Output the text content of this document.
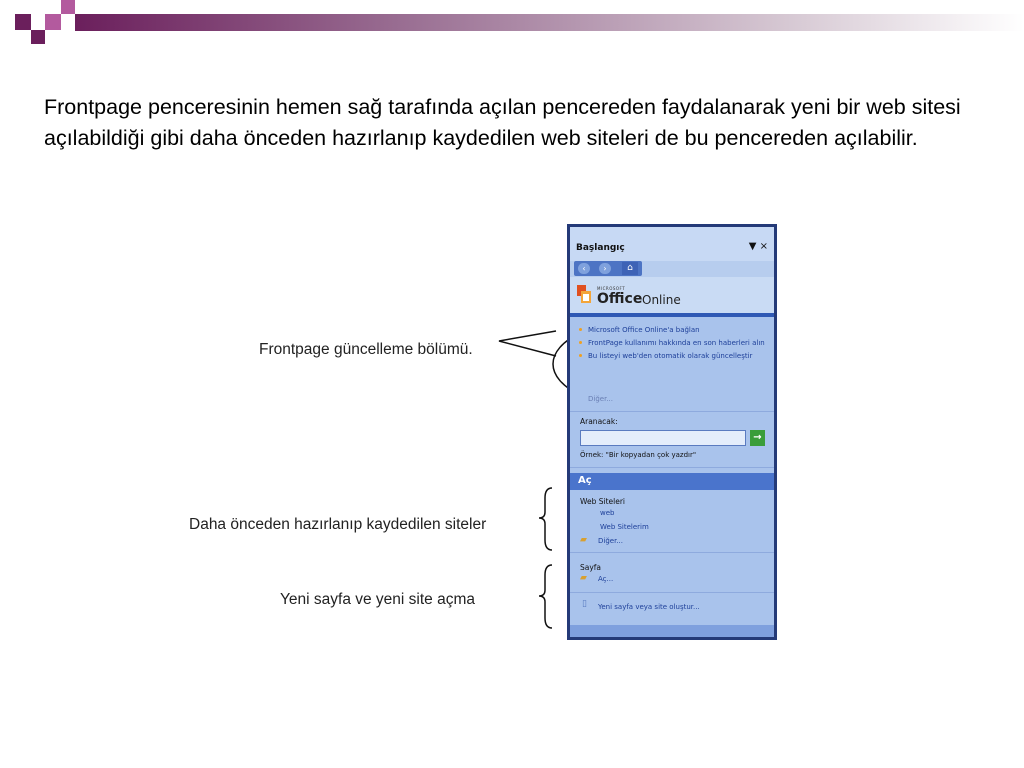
Frontpage penceresinin hemen sağ tarafında açılan pencereden faydalanarak yeni bir web sitesi açılabildiği gibi daha önceden hazırlanıp kaydedilen web siteleri de bu pencereden açılabilir.

Frontpage güncelleme bölümü.
Daha önceden hazırlanıp kaydedilen siteler
Yeni sayfa ve yeni site açma
Başlangıç	▼ ×
‹	›	⌂
MICROSOFT
Office Online
Microsoft Office Online'a bağlan
FrontPage kullanımı hakkında en son haberleri alın
Bu listeyi web'den otomatik olarak güncelleştir
Diğer...
Aranacak:
→
Örnek: "Bir kopyadan çok yazdır"
Aç
Web Siteleri
web
Web Sitelerim
▰ Diğer...
Sayfa
▰ Aç...
▯ Yeni sayfa veya site oluştur...
